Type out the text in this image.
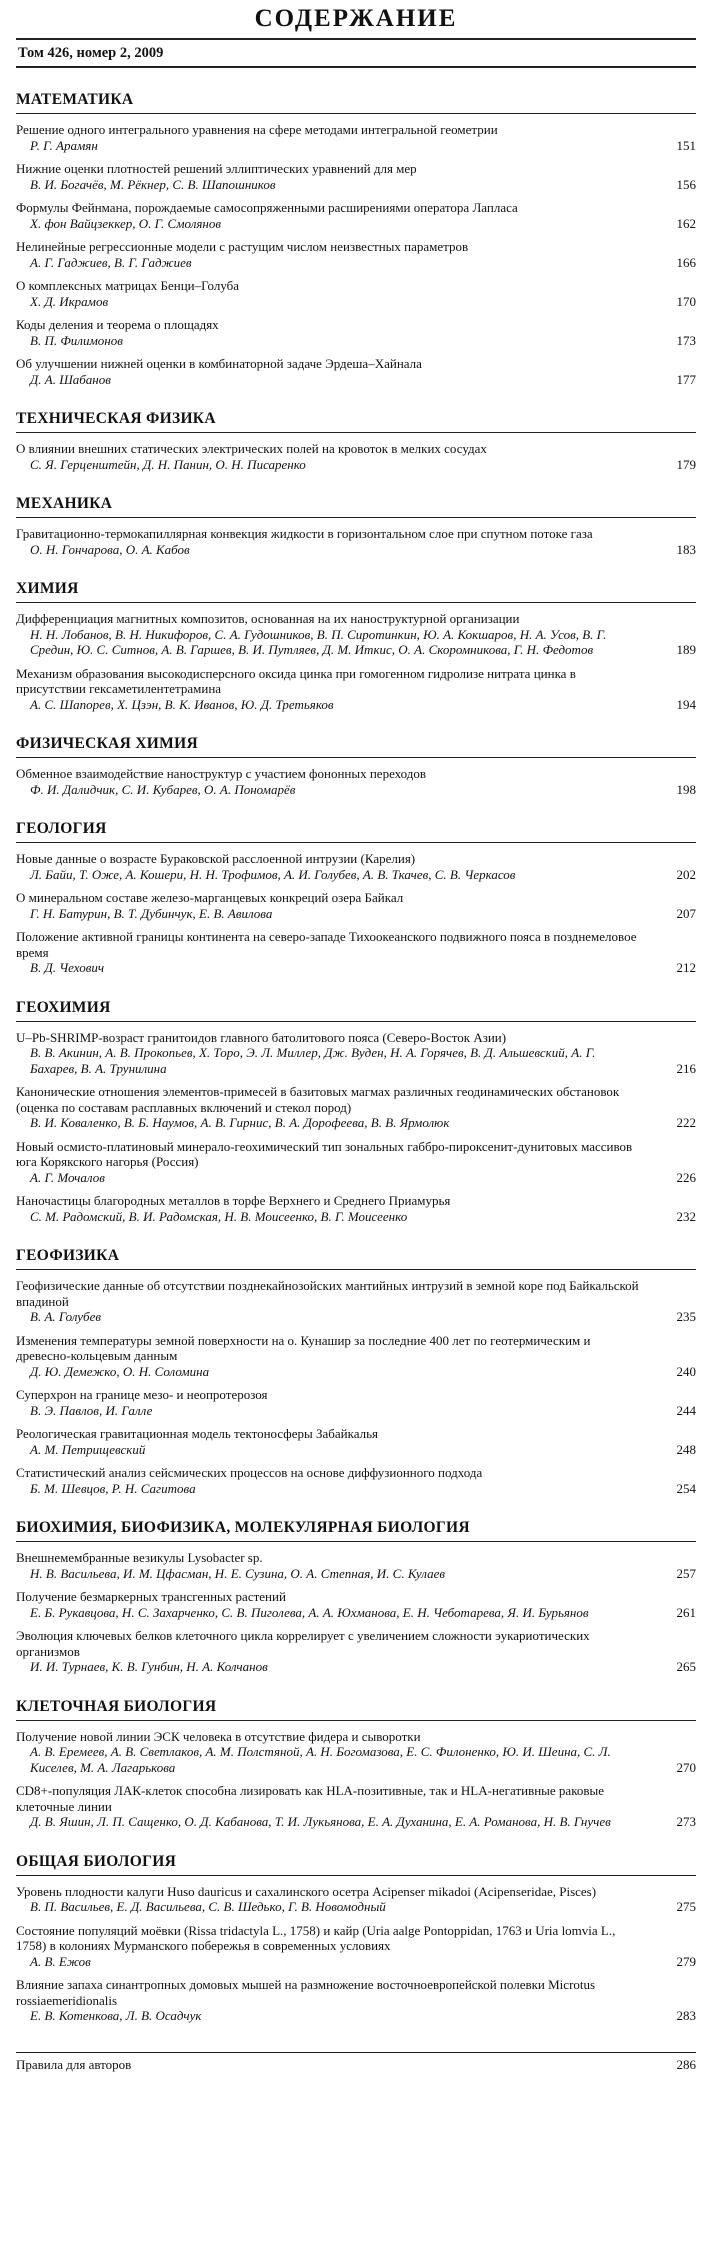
СОДЕРЖАНИЕ
Том 426, номер 2, 2009
МАТЕМАТИКА
Решение одного интегрального уравнения на сфере методами интегральной геометрии
Р. Г. Арамян	151
Нижние оценки плотностей решений эллиптических уравнений для мер
В. И. Богачёв, М. Рёкнер, С. В. Шапошников	156
Формулы Фейнмана, порождаемые самосопряженными расширениями оператора Лапласа
Х. фон Вайцзеккер, О. Г. Смолянов	162
Нелинейные регрессионные модели с растущим числом неизвестных параметров
А. Г. Гаджиев, В. Г. Гаджиев	166
О комплексных матрицах Бенци–Голуба
Х. Д. Икрамов	170
Коды деления и теорема о площадях
В. П. Филимонов	173
Об улучшении нижней оценки в комбинаторной задаче Эрдеша–Хайнала
Д. А. Шабанов	177
ТЕХНИЧЕСКАЯ ФИЗИКА
О влиянии внешних статических электрических полей на кровоток в мелких сосудах
С. Я. Герценштейн, Д. Н. Панин, О. Н. Писаренко	179
МЕХАНИКА
Гравитационно-термокапиллярная конвекция жидкости в горизонтальном слое при спутном потоке газа
О. Н. Гончарова, О. А. Кабов	183
ХИМИЯ
Дифференциация магнитных композитов, основанная на их наноструктурной организации
Н. Н. Лобанов, В. Н. Никифоров, С. А. Гудошников, В. П. Сиротинкин, Ю. А. Кокшаров, Н. А. Усов, В. Г. Средин, Ю. С. Ситнов, А. В. Гаршев, В. И. Путляев, Д. М. Иткис, О. А. Скоромникова, Г. Н. Федотов	189
Механизм образования высокодисперсного оксида цинка при гомогенном гидролизе нитрата цинка в присутствии гексаметилентетрамина
А. С. Шапорев, Х. Цзэн, В. К. Иванов, Ю. Д. Третьяков	194
ФИЗИЧЕСКАЯ ХИМИЯ
Обменное взаимодействие наноструктур с участием фононных переходов
Ф. И. Далидчик, С. И. Кубарев, О. А. Пономарёв	198
ГЕОЛОГИЯ
Новые данные о возрасте Бураковской расслоенной интрузии (Карелия)
Л. Байи, Т. Оже, А. Кошери, Н. Н. Трофимов, А. И. Голубев, А. В. Ткачев, С. В. Черкасов	202
О минеральном составе железо-марганцевых конкреций озера Байкал
Г. Н. Батурин, В. Т. Дубинчук, Е. В. Авилова	207
Положение активной границы континента на северо-западе Тихоокеанского подвижного пояса в позднемеловое время
В. Д. Чехович	212
ГЕОХИМИЯ
U–Pb-SHRIMP-возраст гранитоидов главного батолитового пояса (Северо-Восток Азии)
В. В. Акинин, А. В. Прокопьев, Х. Торо, Э. Л. Миллер, Дж. Вуден, Н. А. Горячев, В. Д. Альшевский, А. Г. Бахарев, В. А. Трунилина	216
Канонические отношения элементов-примесей в базитовых магмах различных геодинамических обстановок (оценка по составам расплавных включений и стекол пород)
В. И. Коваленко, В. Б. Наумов, А. В. Гирнис, В. А. Дорофеева, В. В. Ярмолюк	222
Новый осмисто-платиновый минерало-геохимический тип зональных габбро-пироксенит-дунитовых массивов юга Корякского нагорья (Россия)
А. Г. Мочалов	226
Наночастицы благородных металлов в торфе Верхнего и Среднего Приамурья
С. М. Радомский, В. И. Радомская, Н. В. Моисеенко, В. Г. Моисеенко	232
ГЕОФИЗИКА
Геофизические данные об отсутствии позднекайнозойских мантийных интрузий в земной коре под Байкальской впадиной
В. А. Голубев	235
Изменения температуры земной поверхности на о. Кунашир за последние 400 лет по геотермическим и древесно-кольцевым данным
Д. Ю. Демежко, О. Н. Соломина	240
Суперхрон на границе мезо- и неопротерозоя
В. Э. Павлов, И. Галле	244
Реологическая гравитационная модель тектоносферы Забайкалья
А. М. Петрищевский	248
Статистический анализ сейсмических процессов на основе диффузионного подхода
Б. М. Шевцов, Р. Н. Сагитова	254
БИОХИМИЯ, БИОФИЗИКА, МОЛЕКУЛЯРНАЯ БИОЛОГИЯ
Внешнемембранные везикулы Lysobacter sp.
Н. В. Васильева, И. М. Цфасман, Н. Е. Сузина, О. А. Степная, И. С. Кулаев	257
Получение безмаркерных трансгенных растений
Е. Б. Рукавцова, Н. С. Захарченко, С. В. Пиголева, А. А. Юхманова, Е. Н. Чеботарева, Я. И. Бурьянов	261
Эволюция ключевых белков клеточного цикла коррелирует с увеличением сложности эукариотических организмов
И. И. Турнаев, К. В. Гунбин, Н. А. Колчанов	265
КЛЕТОЧНАЯ БИОЛОГИЯ
Получение новой линии ЭСК человека в отсутствие фидера и сыворотки
А. В. Еремеев, А. В. Светлаков, А. М. Полстяной, А. Н. Богомазова, Е. С. Филоненко, Ю. И. Шеина, С. Л. Киселев, М. А. Лагарькова	270
CD8+-популяция ЛАК-клеток способна лизировать как HLA-позитивные, так и HLA-негативные раковые клеточные линии
Д. В. Яшин, Л. П. Сащенко, О. Д. Кабанова, Т. И. Лукьянова, Е. А. Духанина, Е. А. Романова, Н. В. Гнучев	273
ОБЩАЯ БИОЛОГИЯ
Уровень плодности калуги Huso dauricus и сахалинского осетра Acipenser mikadoi (Acipenseridae, Pisces)
В. П. Васильев, Е. Д. Васильева, С. В. Шедько, Г. В. Новомодный	275
Состояние популяций моёвки (Rissa tridactyla L., 1758) и кайр (Uria aalge Pontoppidan, 1763 и Uria lomvia L., 1758) в колониях Мурманского побережья в современных условиях
А. В. Ежов	279
Влияние запаха синантропных домовых мышей на размножение восточноевропейской полевки Microtus rossiaemeridionalis
Е. В. Котенкова, Л. В. Осадчук	283
Правила для авторов	286
